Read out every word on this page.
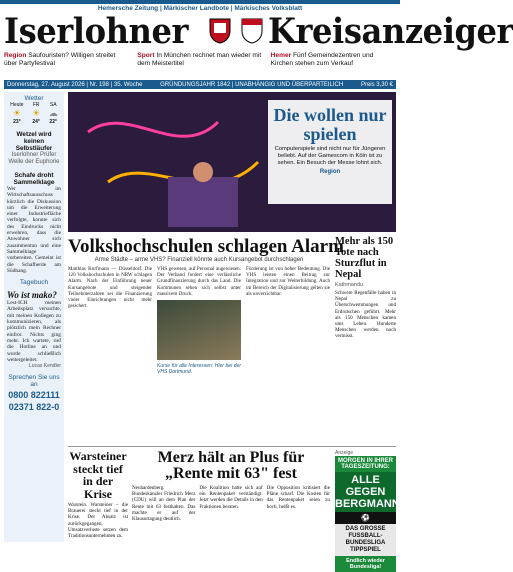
Hemersche Zeitung | Märkischer Landbote | Märkisches Volksblatt
Iserlohner Kreisanzeiger
Region Saufouristen? Willigen streitet über Partyfestival
Sport In München rechnet man wieder mit dem Meistertitel
Hemer Fünf Gemeindezentren und Kirchen stehen zum Verkauf
Donnerstag, 27. August 2026 | Nr. 198 | 35. Woche	GRÜNDUNGSJAHR 1842 | UNABHÄNGIG UND ÜBERPARTEILICH	Preis 3,30 €
Wetter
Heute
☀
23°
FR
☀
24°
SA
☁
22°
Wetzel wird keinen Selbstläufer
Iserlohner Prüfer Welle der Euphorie
Schafe droht Sammelklage
Wer im Wirtschaftsausschuss kürzlich die Diskussion um die Erweiterung einer Industriefläche verfolgte, konnte sich des Eindrucks nicht erwehren, dass die Anwohner sich zusammentun und eine Sammelklage vorbereiten. Gemeint ist die Schafherde am Südhang.
Tagebuch
Wo ist mako?
Lest-ICH meinen Arbeitsplatz versuchte, mit meinen Kollegen zu kommunizieren, als plötzlich mein Rechner einfror. Nichts ging mehr. Ich wartete, rief die Hotline an und wurde schließlich weitergeleitet.
Lucas Kendler
Sprechen Sie uns an
0800 822111
02371 822-0
Die wollen nur spielen
Computerspiele sind nicht nur für Jüngeren beliebt. Auf der Gamescom in Köln ist zu sehen. Ein Besuch der Messe lohnt sich.
Region
Volkshochschulen schlagen Alarm
Arme Städte – arme VHS? Finanziell könnte auch Kursangebot durchschlagen
Matthias Korfmann — Düsseldorf. Die 120 Volkshochschulen in NRW schlagen Alarm. Nach der Einführung neuer Kursangebote und steigender Teilnehmerzahlen sei die Finanzierung vieler Einrichtungen nicht mehr gesichert.
VHS gewesen, auf Personal angewiesen. Der Verband fordert eine verlässliche Grundfinanzierung durch das Land. Die Kommunen sehen sich selbst unter massivem Druck.
Kurse für alle Interessen: Hier bei der VHS Dortmund.
Förderung ist von hoher Bedeutung. Die VHS leisten einen Beitrag zur Integration und zur Weiterbildung. Auch im Bereich der Digitalisierung gelten sie als unverzichtbar.
Mehr als 150 Tote nach Sturzflut in Nepal
Kathmandu
Schwere Regenfälle haben in Nepal zu Überschwemmungen und Erdrutschen geführt. Mehr als 150 Menschen kamen ums Leben. Hunderte Menschen werden noch vermisst.
Warsteiner steckt tief in der Krise
Warstein. Warsteiner – die Brauerei steckt tief in der Krise. Der Absatz ist zurückgegangen, Umsatzverluste setzen dem Traditionsunternehmen zu.
Merz hält an Plus für „Rente mit 63" fest
Neuhardenberg. Bundeskanzler Friedrich Merz (CDU) will an dem Plan der Rente mit 63 festhalten. Das machte er auf der Klausurtagung deutlich.
Die Koalition hatte sich auf ein Rentenpaket verständigt. Jetzt werden die Details in den Fraktionen beraten.
Die Opposition kritisiert die Pläne scharf. Die Kosten für das Rentenpaket seien zu hoch, heißt es.
Anzeige
MORGEN IN IHRER TAGESZEITUNG:
ALLE GEGEN BERGMANN
⚽
DAS GROSSE FUSSBALL-BUNDESLIGA TIPPSPIEL
Endlich wieder Bundesliga!
